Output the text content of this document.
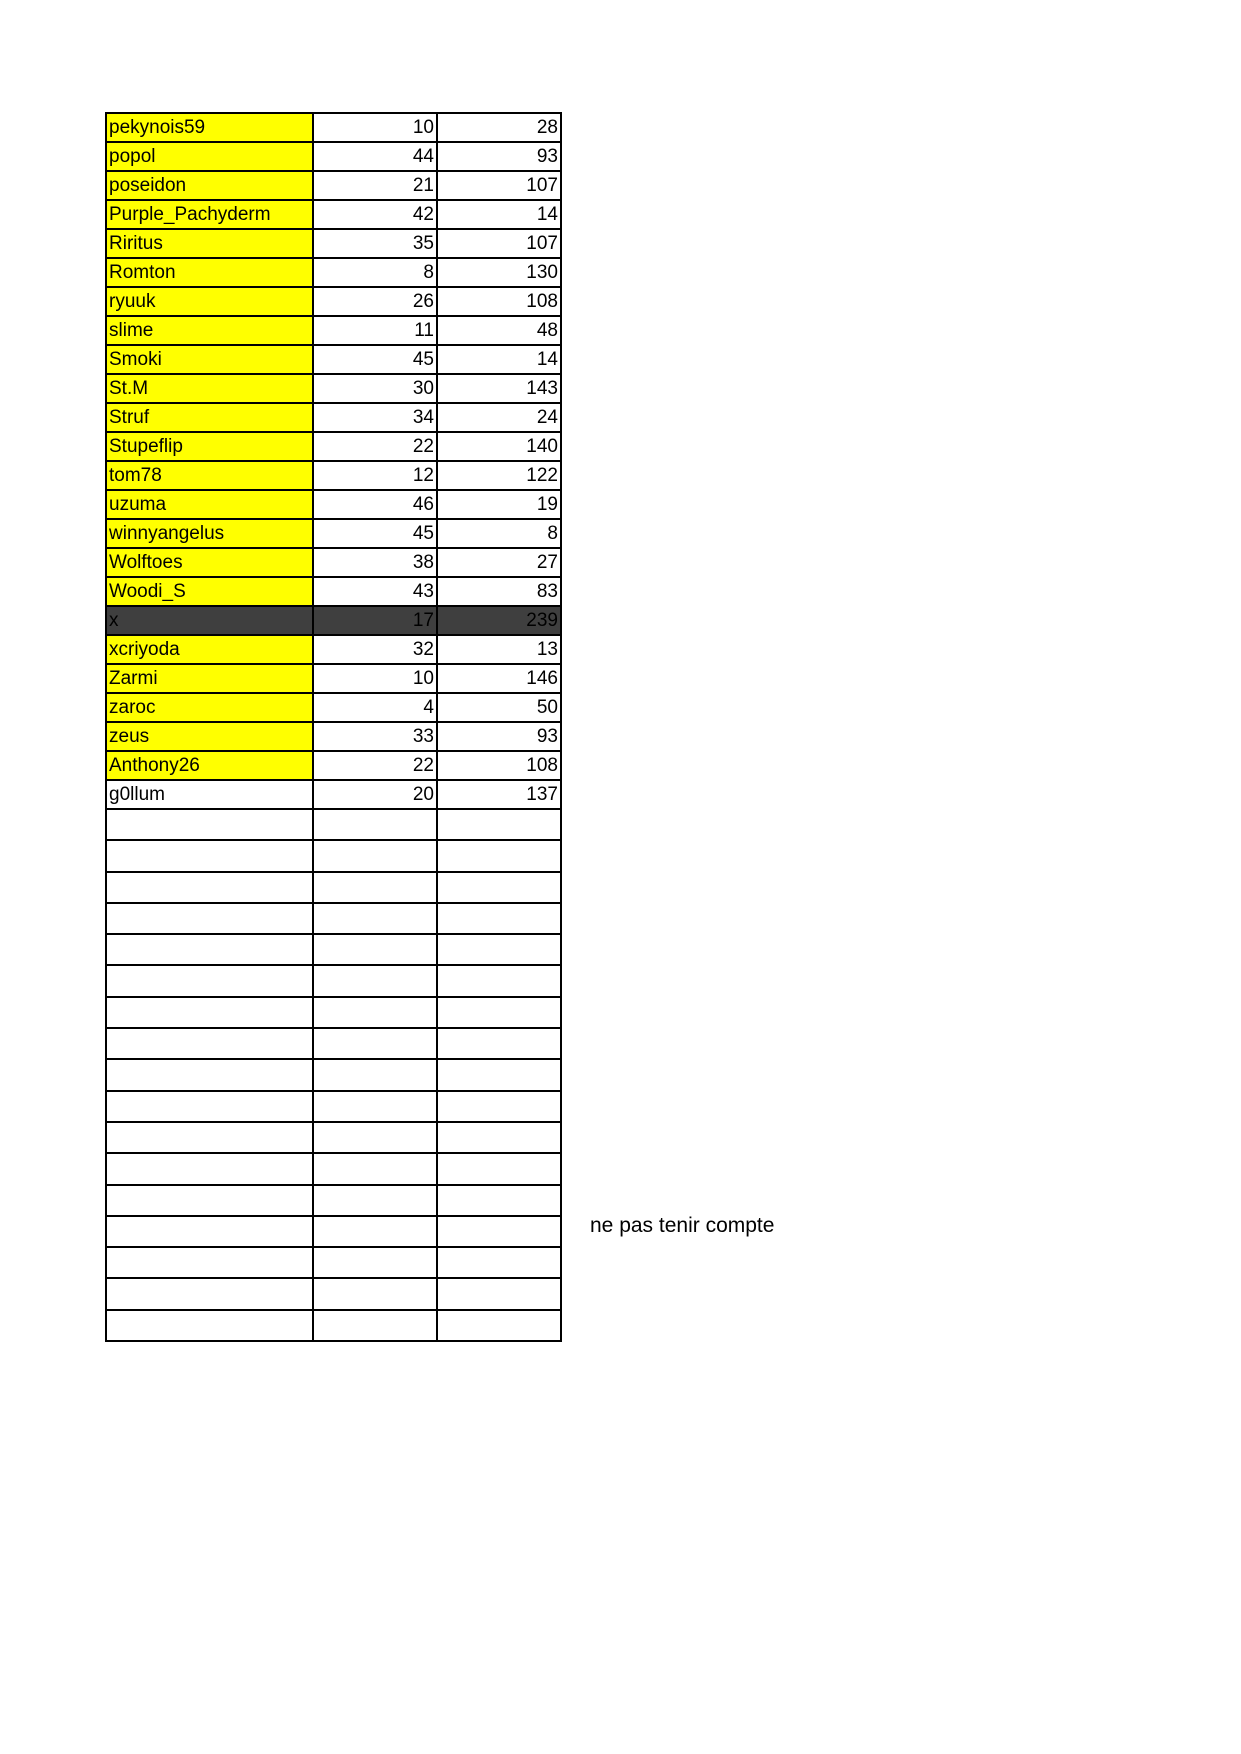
pekynois59	10	28
popol	44	93
poseidon	21	107
Purple_Pachyderm	42	14
Riritus	35	107
Romton	8	130
ryuuk	26	108
slime	11	48
Smoki	45	14
St.M	30	143
Struf	34	24
Stupeflip	22	140
tom78	12	122
uzuma	46	19
winnyangelus	45	8
Wolftoes	38	27
Woodi_S	43	83
x	17	239
xcriyoda	32	13
Zarmi	10	146
zaroc	4	50
zeus	33	93
Anthony26	22	108
g0llum	20	137

ne pas tenir compte
